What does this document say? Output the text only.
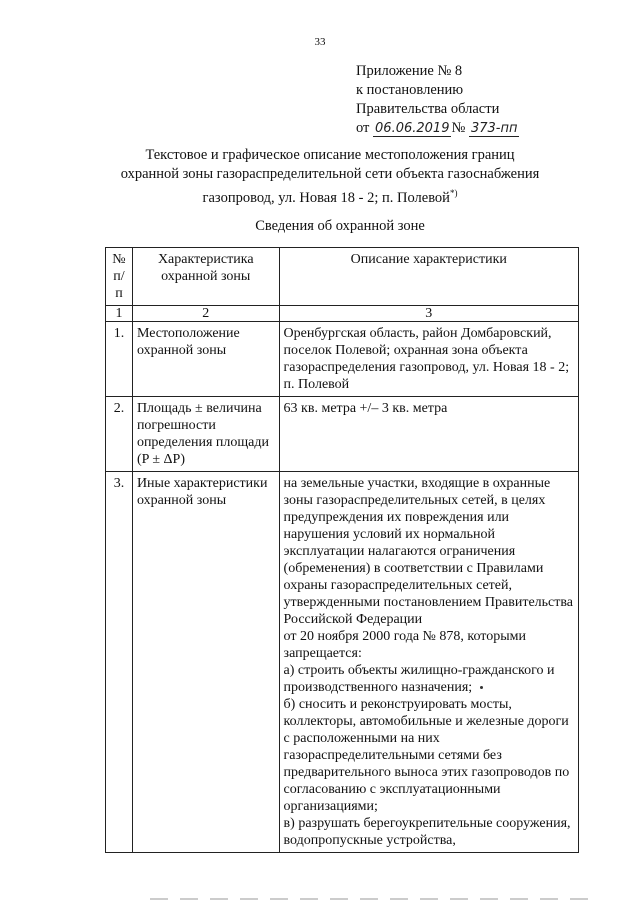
33
Приложение № 8
к постановлению
Правительства области
от 06.06.2019 № 373-пп
Текстовое и графическое описание местоположения границ
охранной зоны газораспределительной сети объекта газоснабжения
газопровод, ул. Новая 18 - 2; п. Полевой*)
Сведения об охранной зоне
№ п/п	Характеристика охранной зоны	Описание характеристики

1	2	3

1.	Местоположение охранной зоны	Оренбургская область, район Домбаровский, поселок Полевой; охранная зона объекта газораспределения газопровод, ул. Новая 18 - 2; п. Полевой

2.	Площадь ± величина погрешности определения площади (P ± ΔP)	63 кв. метра +/– 3 кв. метра

3.	Иные характеристики охранной зоны	на земельные участки, входящие в охранные зоны газораспределительных сетей, в целях предупреждения их повреждения или нарушения условий их нормальной эксплуатации налагаются ограничения (обременения) в соответствии с Правилами охраны газораспределительных сетей, утвержденными постановлением Правительства Российской Федерации
от 20 ноября 2000 года № 878, которыми запрещается:
а) строить объекты жилищно-гражданского и производственного назначения;
б) сносить и реконструировать мосты, коллекторы, автомобильные и железные дороги с расположенными на них газораспределительными сетями без предварительного выноса этих газопроводов по согласованию с эксплуатационными организациями;
в) разрушать берегоукрепительные сооружения, водопропускные устройства,
